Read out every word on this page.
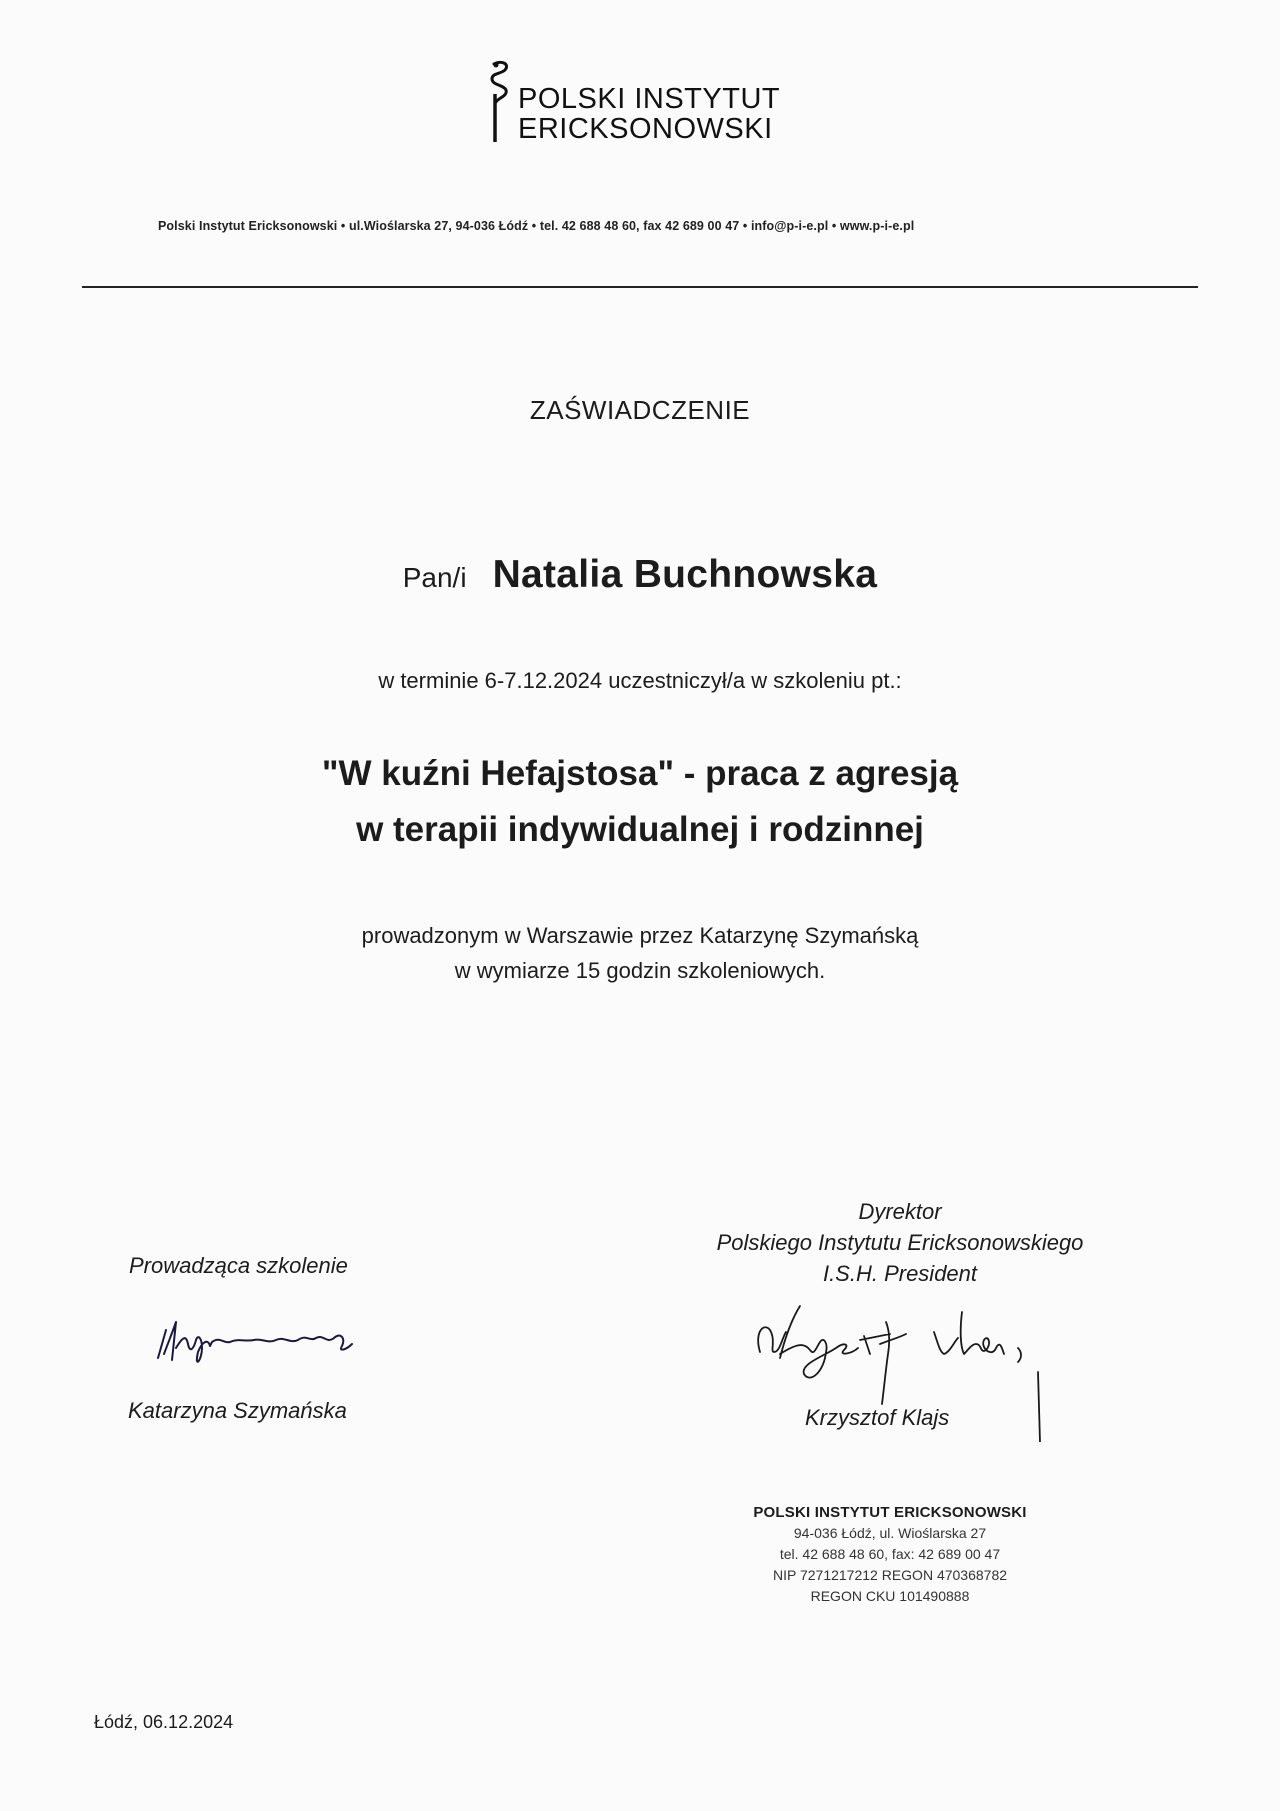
POLSKI INSTYTUT
ERICKSONOWSKI
Polski Instytut Ericksonowski • ul.Wioślarska 27, 94-036 Łódź • tel. 42 688 48 60, fax 42 689 00 47 • info@p-i-e.pl • www.p-i-e.pl
ZAŚWIADCZENIE
Pan/i Natalia Buchnowska
w terminie 6-7.12.2024 uczestniczył/a w szkoleniu pt.:
"W kuźni Hefajstosa" - praca z agresją
w terapii indywidualnej i rodzinnej
prowadzonym w Warszawie przez Katarzynę Szymańską
w wymiarze 15 godzin szkoleniowych.
Prowadząca szkolenie
Katarzyna Szymańska
Dyrektor
Polskiego Instytutu Ericksonowskiego
I.S.H. President
Krzysztof Klajs
POLSKI INSTYTUT ERICKSONOWSKI
94-036 Łódź, ul. Wioślarska 27
tel. 42 688 48 60, fax: 42 689 00 47
NIP 7271217212 REGON 470368782
REGON CKU 101490888
Łódź, 06.12.2024
